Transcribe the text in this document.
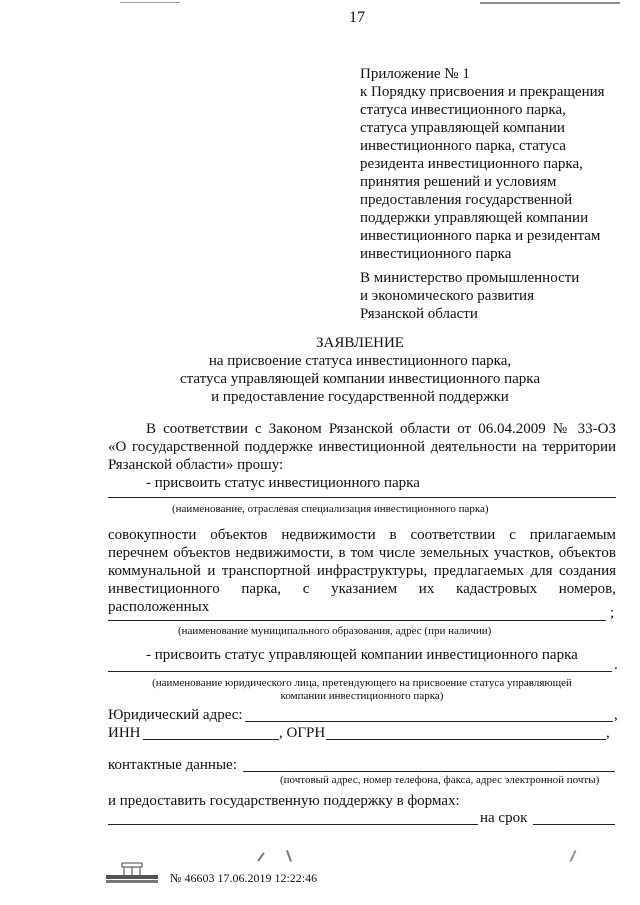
17
Приложение № 1
к Порядку присвоения и прекращения
статуса инвестиционного парка,
статуса управляющей компании
инвестиционного парка, статуса
резидента инвестиционного парка,
принятия решений и условиям
предоставления государственной
поддержки управляющей компании
инвестиционного парка и резидентам
инвестиционного парка
В министерство промышленности
и экономического развития
Рязанской области
ЗАЯВЛЕНИЕ
на присвоение статуса инвестиционного парка,
статуса управляющей компании инвестиционного парка
и предоставление государственной поддержки
В соответствии с Законом Рязанской области от 06.04.2009 № 33-ОЗ
«О государственной поддержке инвестиционной деятельности на территории
Рязанской области» прошу:
- присвоить статус инвестиционного парка
(наименование, отраслевая специализация инвестиционного парка)
совокупности объектов недвижимости в соответствии с прилагаемым
перечнем объектов недвижимости, в том числе земельных участков, объектов
коммунальной и транспортной инфраструктуры, предлагаемых для создания
инвестиционного парка, с указанием их кадастровых номеров,
расположенных	;
(наименование муниципального образования, адрес (при наличии)
- присвоить статус управляющей компании инвестиционного парка
.
(наименование юридического лица, претендующего на присвоение статуса управляющей
компании инвестиционного парка)
Юридический адрес:	,
ИНН	, ОГРН	,
контактные данные:
(почтовый адрес, номер телефона, факса, адрес электронной почты)
и предоставить государственную поддержку в формах:
на срок
№ 46603 17.06.2019 12:22:46
